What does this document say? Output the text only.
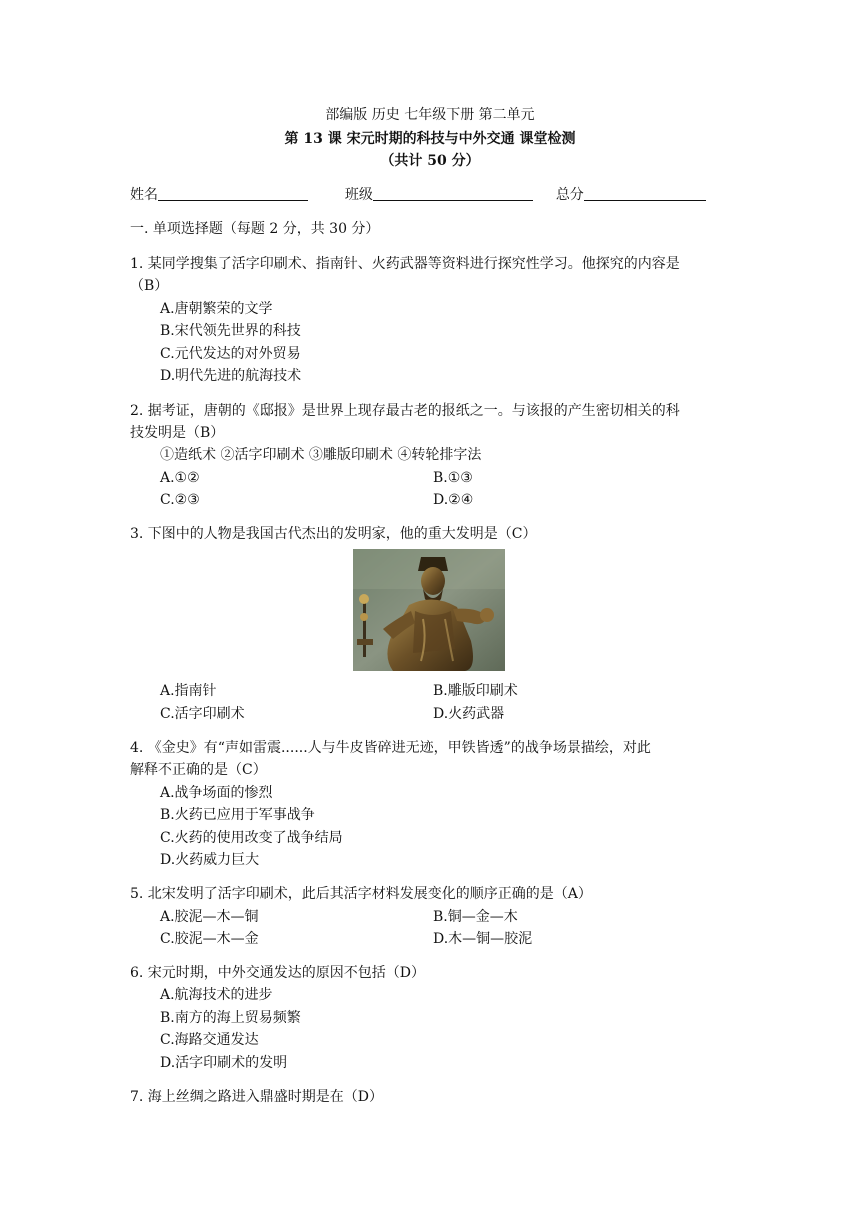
部编版 历史 七年级下册 第二单元
第 13 课 宋元时期的科技与中外交通 课堂检测
（共计 50 分）
姓名	班级	总分
一. 单项选择题（每题 2 分，共 30 分）
1. 某同学搜集了活字印刷术、指南针、火药武器等资料进行探究性学习。他探究的内容是
（B）
A.唐朝繁荣的文学
B.宋代领先世界的科技
C.元代发达的对外贸易
D.明代先进的航海技术
2. 据考证，唐朝的《邸报》是世界上现存最古老的报纸之一。与该报的产生密切相关的科
技发明是（B）
①造纸术 ②活字印刷术 ③雕版印刷术 ④转轮排字法
A.①②	B.①③
C.②③	D.②④
3. 下图中的人物是我国古代杰出的发明家，他的重大发明是（C）
A.指南针	B.雕版印刷术
C.活字印刷术	D.火药武器
4. 《金史》有“声如雷震......人与牛皮皆碎进无迹，甲铁皆透”的战争场景描绘，对此
解释不正确的是（C）
A.战争场面的惨烈
B.火药已应用于军事战争
C.火药的使用改变了战争结局
D.火药威力巨大
5. 北宋发明了活字印刷术，此后其活字材料发展变化的顺序正确的是（A）
A.胶泥—木—铜	B.铜—金—木
C.胶泥—木—金	D.木—铜—胶泥
6. 宋元时期，中外交通发达的原因不包括（D）
A.航海技术的进步
B.南方的海上贸易频繁
C.海路交通发达
D.活字印刷术的发明
7. 海上丝绸之路进入鼎盛时期是在（D）
